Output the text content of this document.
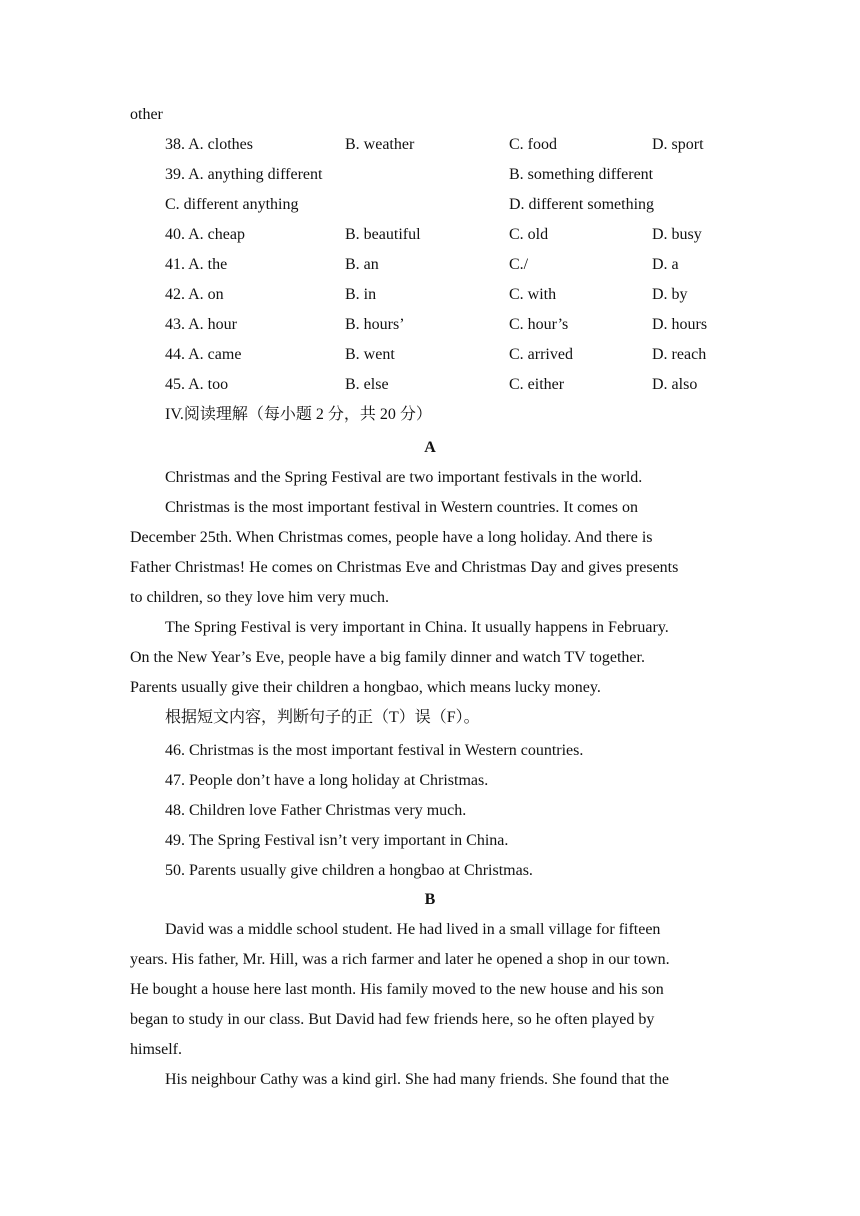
other
38. A. clothes	B. weather	C. food	D. sport
39. A. anything different	B. something different
C. different anything	D. different something
40. A. cheap	B. beautiful	C. old	D. busy
41. A. the	B. an	C./	D. a
42. A. on	B. in	C. with	D. by
43. A. hour	B. hours’	C. hour’s	D. hours
44. A. came	B. went	C. arrived	D. reach
45. A. too	B. else	C. either	D. also
IV.阅读理解（每小题 2 分，共 20 分）
A
Christmas and the Spring Festival are two important festivals in the world.
Christmas is the most important festival in Western countries. It comes on
December 25th. When Christmas comes, people have a long holiday. And there is
Father Christmas! He comes on Christmas Eve and Christmas Day and gives presents
to children, so they love him very much.
The Spring Festival is very important in China. It usually happens in February.
On the New Year’s Eve, people have a big family dinner and watch TV together.
Parents usually give their children a hongbao, which means lucky money.
根据短文内容，判断句子的正（T）误（F）。
46. Christmas is the most important festival in Western countries.
47. People don’t have a long holiday at Christmas.
48. Children love Father Christmas very much.
49. The Spring Festival isn’t very important in China.
50. Parents usually give children a hongbao at Christmas.
B
David was a middle school student. He had lived in a small village for fifteen
years. His father, Mr. Hill, was a rich farmer and later he opened a shop in our town.
He bought a house here last month. His family moved to the new house and his son
began to study in our class. But David had few friends here, so he often played by
himself.
His neighbour Cathy was a kind girl. She had many friends. She found that the
